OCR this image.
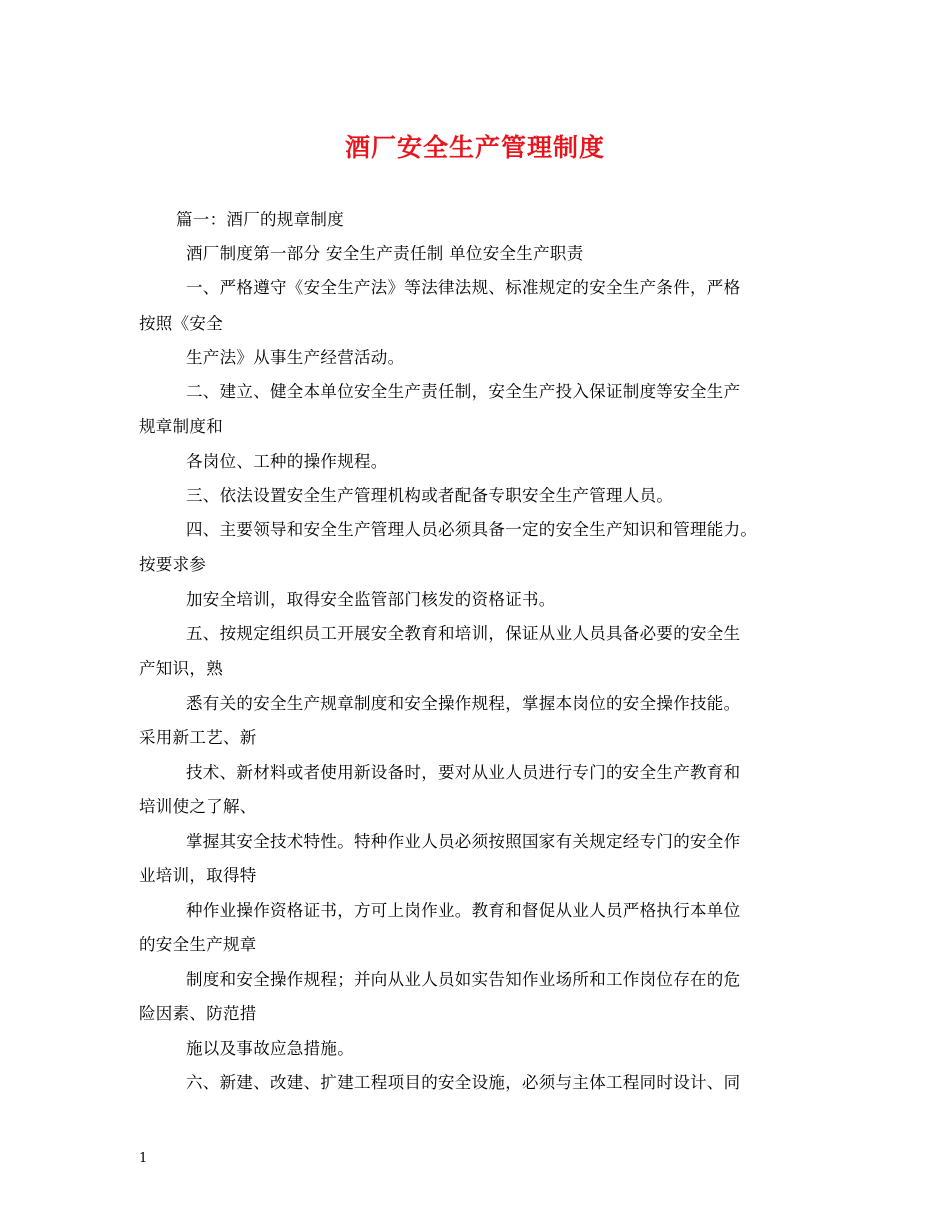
酒厂安全生产管理制度
篇一：酒厂的规章制度
酒厂制度第一部分 安全生产责任制 单位安全生产职责
一、严格遵守《安全生产法》等法律法规、标准规定的安全生产条件，严格
按照《安全
生产法》从事生产经营活动。
二、建立、健全本单位安全生产责任制，安全生产投入保证制度等安全生产
规章制度和
各岗位、工种的操作规程。
三、依法设置安全生产管理机构或者配备专职安全生产管理人员。
四、主要领导和安全生产管理人员必须具备一定的安全生产知识和管理能力。
按要求参
加安全培训，取得安全监管部门核发的资格证书。
五、按规定组织员工开展安全教育和培训，保证从业人员具备必要的安全生
产知识，熟
悉有关的安全生产规章制度和安全操作规程，掌握本岗位的安全操作技能。
采用新工艺、新
技术、新材料或者使用新设备时，要对从业人员进行专门的安全生产教育和
培训使之了解、
掌握其安全技术特性。特种作业人员必须按照国家有关规定经专门的安全作
业培训，取得特
种作业操作资格证书，方可上岗作业。教育和督促从业人员严格执行本单位
的安全生产规章
制度和安全操作规程；并向从业人员如实告知作业场所和工作岗位存在的危
险因素、防范措
施以及事故应急措施。
六、新建、改建、扩建工程项目的安全设施，必须与主体工程同时设计、同
1
